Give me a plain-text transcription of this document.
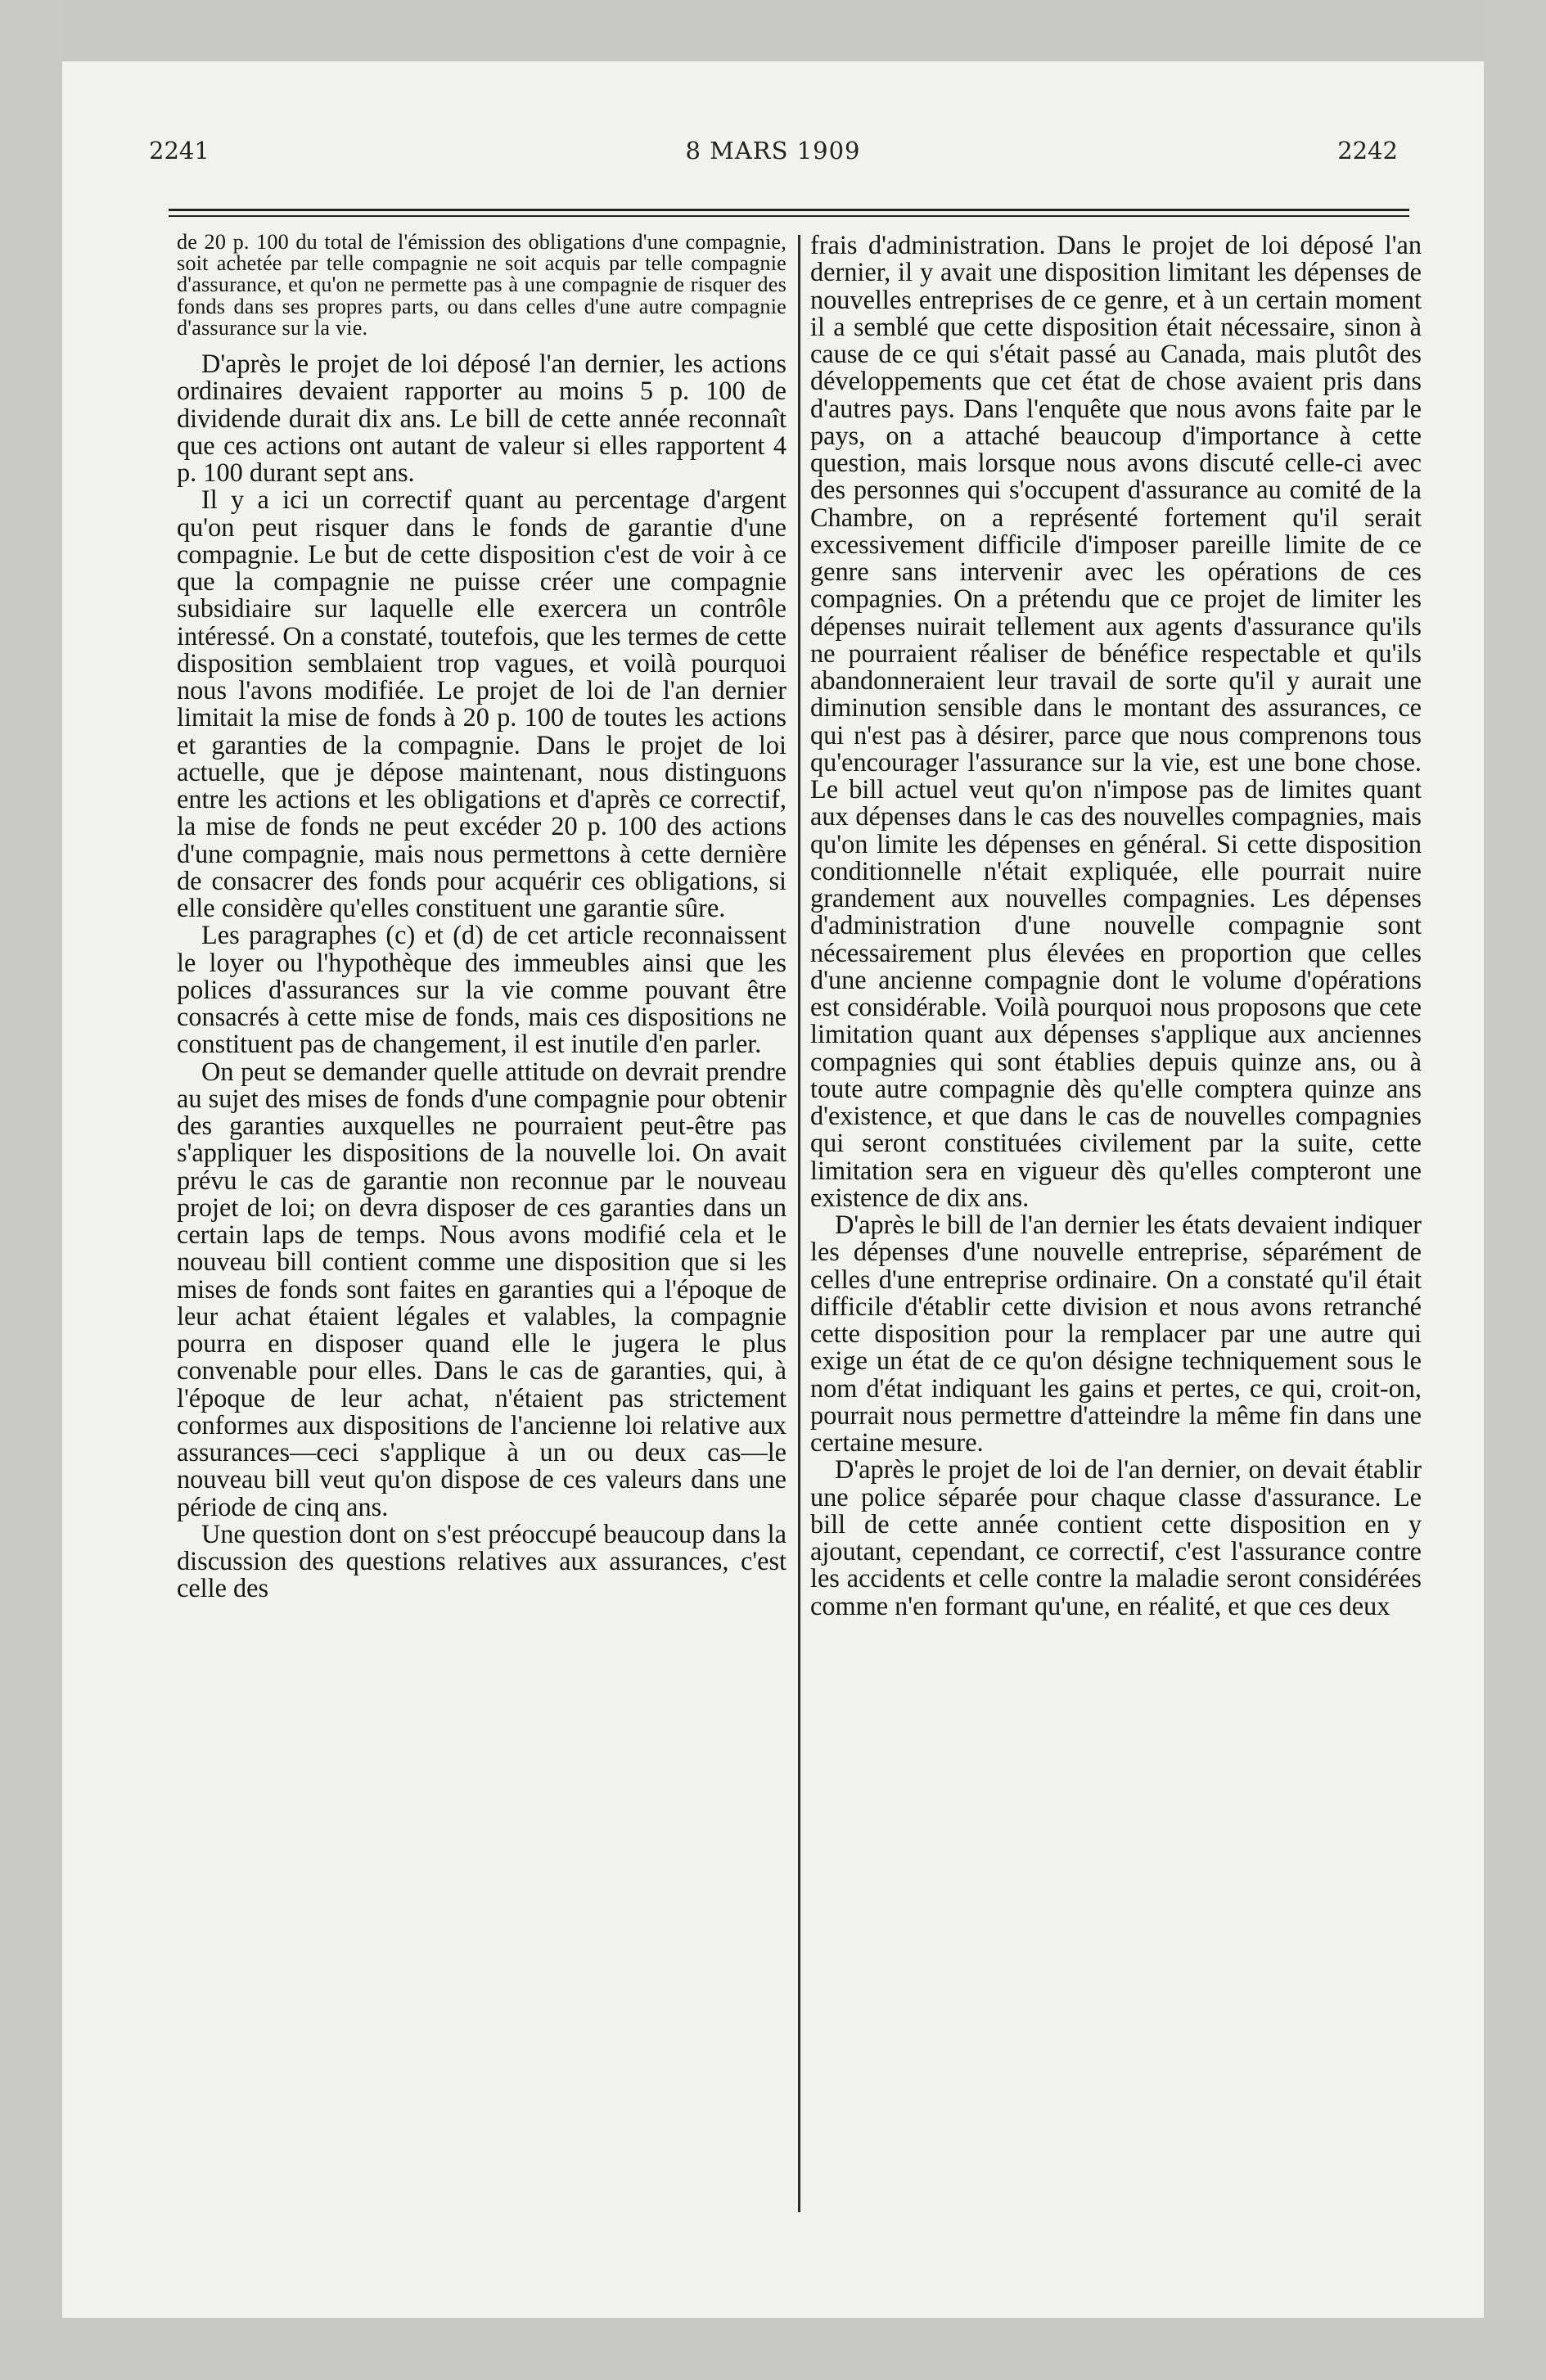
8 MARS 1909
2241	2242

de 20 p. 100 du total de l'émission des obligations d'une compagnie, soit achetée par telle compagnie ne soit acquis par telle compagnie d'assurance, et qu'on ne permette pas à une compagnie de risquer des fonds dans ses propres parts, ou dans celles d'une autre compagnie d'assurance sur la vie.

D'après le projet de loi déposé l'an dernier, les actions ordinaires devaient rapporter au moins 5 p. 100 de dividende durait dix ans. Le bill de cette année reconnaît que ces actions ont autant de valeur si elles rapportent 4 p. 100 durant sept ans.

Il y a ici un correctif quant au percentage d'argent qu'on peut risquer dans le fonds de garantie d'une compagnie. Le but de cette disposition c'est de voir à ce que la compagnie ne puisse créer une compagnie subsidiaire sur laquelle elle exercera un contrôle intéressé. On a constaté, toutefois, que les termes de cette disposition semblaient trop vagues, et voilà pourquoi nous l'avons modifiée. Le projet de loi de l'an dernier limitait la mise de fonds à 20 p. 100 de toutes les actions et garanties de la compagnie. Dans le projet de loi actuelle, que je dépose maintenant, nous distinguons entre les actions et les obligations et d'après ce correctif, la mise de fonds ne peut excéder 20 p. 100 des actions d'une compagnie, mais nous permettons à cette dernière de consacrer des fonds pour acquérir ces obligations, si elle considère qu'elles constituent une garantie sûre.

Les paragraphes (c) et (d) de cet article reconnaissent le loyer ou l'hypothèque des immeubles ainsi que les polices d'assurances sur la vie comme pouvant être consacrés à cette mise de fonds, mais ces dispositions ne constituent pas de changement, il est inutile d'en parler.

On peut se demander quelle attitude on devrait prendre au sujet des mises de fonds d'une compagnie pour obtenir des garanties auxquelles ne pourraient peut-être pas s'appliquer les dispositions de la nouvelle loi. On avait prévu le cas de garantie non reconnue par le nouveau projet de loi; on devra disposer de ces garanties dans un certain laps de temps. Nous avons modifié cela et le nouveau bill contient comme une disposition que si les mises de fonds sont faites en garanties qui a l'époque de leur achat étaient légales et valables, la compagnie pourra en disposer quand elle le jugera le plus convenable pour elles. Dans le cas de garanties, qui, à l'époque de leur achat, n'étaient pas strictement conformes aux dispositions de l'ancienne loi relative aux assurances—ceci s'applique à un ou deux cas—le nouveau bill veut qu'on dispose de ces valeurs dans une période de cinq ans.

Une question dont on s'est préoccupé beaucoup dans la discussion des questions relatives aux assurances, c'est celle des

frais d'administration. Dans le projet de loi déposé l'an dernier, il y avait une disposition limitant les dépenses de nouvelles entreprises de ce genre, et à un certain moment il a semblé que cette disposition était nécessaire, sinon à cause de ce qui s'était passé au Canada, mais plutôt des développements que cet état de chose avaient pris dans d'autres pays. Dans l'enquête que nous avons faite par le pays, on a attaché beaucoup d'importance à cette question, mais lorsque nous avons discuté celle-ci avec des personnes qui s'occupent d'assurance au comité de la Chambre, on a représenté fortement qu'il serait excessivement difficile d'imposer pareille limite de ce genre sans intervenir avec les opérations de ces compagnies. On a prétendu que ce projet de limiter les dépenses nuirait tellement aux agents d'assurance qu'ils ne pourraient réaliser de bénéfice respectable et qu'ils abandonneraient leur travail de sorte qu'il y aurait une diminution sensible dans le montant des assurances, ce qui n'est pas à désirer, parce que nous comprenons tous qu'encourager l'assurance sur la vie, est une bone chose. Le bill actuel veut qu'on n'impose pas de limites quant aux dépenses dans le cas des nouvelles compagnies, mais qu'on limite les dépenses en général. Si cette disposition conditionnelle n'était expliquée, elle pourrait nuire grandement aux nouvelles compagnies. Les dépenses d'administration d'une nouvelle compagnie sont nécessairement plus élevées en proportion que celles d'une ancienne compagnie dont le volume d'opérations est considérable. Voilà pourquoi nous proposons que cete limitation quant aux dépenses s'applique aux anciennes compagnies qui sont établies depuis quinze ans, ou à toute autre compagnie dès qu'elle comptera quinze ans d'existence, et que dans le cas de nouvelles compagnies qui seront constituées civilement par la suite, cette limitation sera en vigueur dès qu'elles compteront une existence de dix ans.

D'après le bill de l'an dernier les états devaient indiquer les dépenses d'une nouvelle entreprise, séparément de celles d'une entreprise ordinaire. On a constaté qu'il était difficile d'établir cette division et nous avons retranché cette disposition pour la remplacer par une autre qui exige un état de ce qu'on désigne techniquement sous le nom d'état indiquant les gains et pertes, ce qui, croit-on, pourrait nous permettre d'atteindre la même fin dans une certaine mesure.

D'après le projet de loi de l'an dernier, on devait établir une police séparée pour chaque classe d'assurance. Le bill de cette année contient cette disposition en y ajoutant, cependant, ce correctif, c'est l'assurance contre les accidents et celle contre la maladie seront considérées comme n'en formant qu'une, en réalité, et que ces deux
